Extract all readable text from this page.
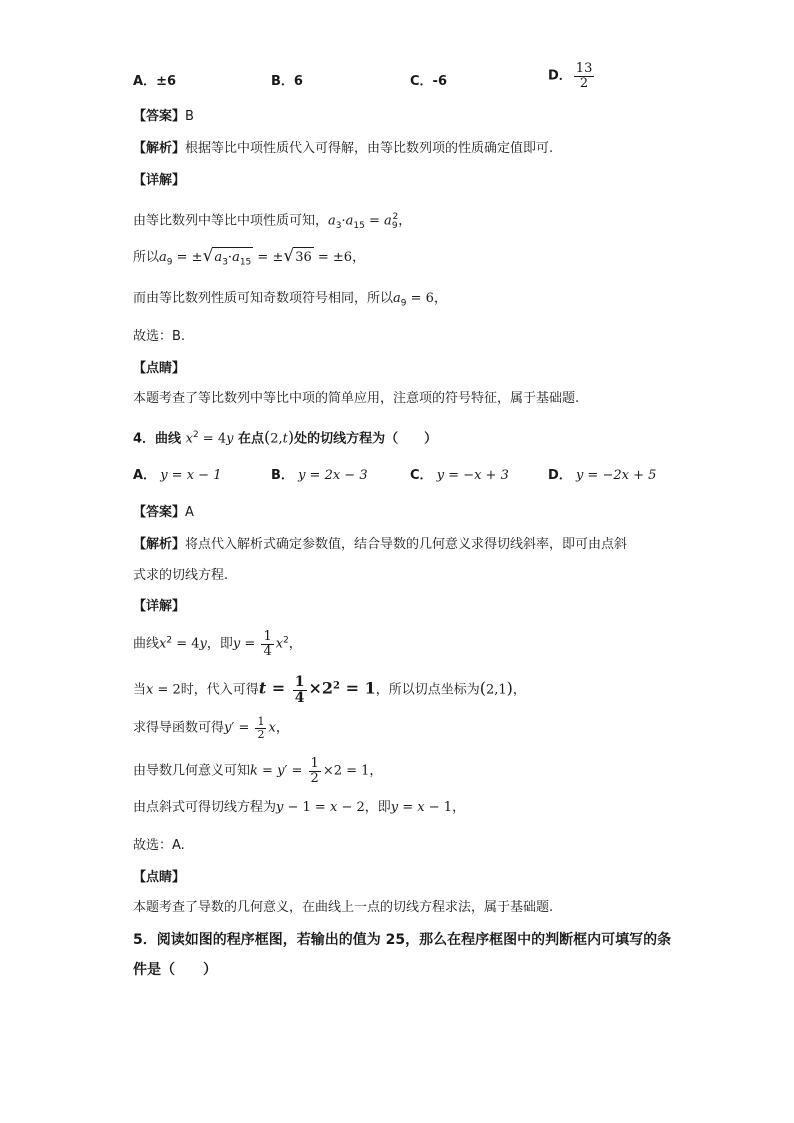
A．±6	B．6	C．-6	D． $\frac{13}{2}$
【答案】B
【解析】根据等比中项性质代入可得解，由等比数列项的性质确定值即可.
【详解】
由等比数列中等比中项性质可知，$a_3\cdot a_{15} = a_9^2$，
所以$a_9 = \pm√a_3\cdot a_{15} = \pm√36 = \pm 6$，
而由等比数列性质可知奇数项符号相同，所以$a_9 = 6$，
故选：B.
【点睛】
本题考查了等比数列中等比中项的简单应用，注意项的符号特征，属于基础题.
4．曲线 $x^2 = 4y$ 在点(2,t)处的切线方程为（　　）
A． y = x − 1	B． y = 2x − 3	C． y = −x + 3	D． y = −2x + 5
【答案】A
【解析】将点代入解析式确定参数值，结合导数的几何意义求得切线斜率，即可由点斜
式求的切线方程.
【详解】
曲线$x^2 = 4y$，即$y = \frac{1}{4} x^2$，
当x = 2时，代入可得$t = \frac{1}{4} \times 2^2 = 1$，所以切点坐标为(2,1)，
求得导函数可得$y' = \frac{1}{2}$ x，
由导数几何意义可知$k = y' = \frac{1}{2} \times 2 = 1$，
由点斜式可得切线方程为y − 1 = x − 2，即y = x − 1，
故选：A.
【点睛】
本题考查了导数的几何意义，在曲线上一点的切线方程求法，属于基础题.
5．阅读如图的程序框图，若输出的值为 25，那么在程序框图中的判断框内可填写的条
件是（　　）
